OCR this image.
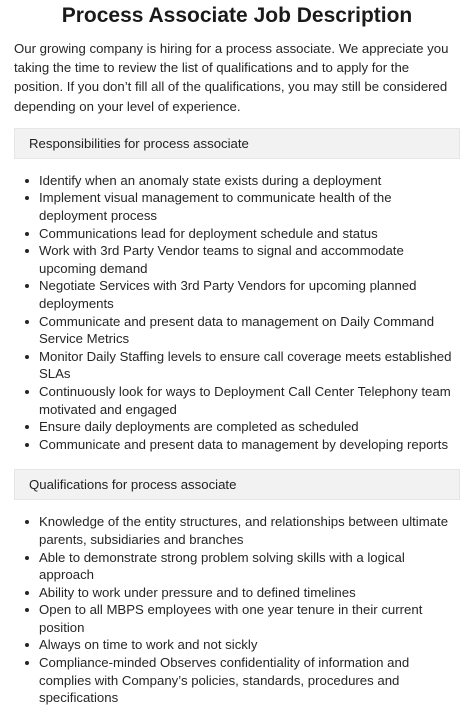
Process Associate Job Description

Our growing company is hiring for a process associate. We appreciate you taking the time to review the list of qualifications and to apply for the position. If you don’t fill all of the qualifications, you may still be considered depending on your level of experience.

Responsibilities for process associate
Identify when an anomaly state exists during a deployment
Implement visual management to communicate health of the deployment process
Communications lead for deployment schedule and status
Work with 3rd Party Vendor teams to signal and accommodate upcoming demand
Negotiate Services with 3rd Party Vendors for upcoming planned deployments
Communicate and present data to management on Daily Command Service Metrics
Monitor Daily Staffing levels to ensure call coverage meets established SLAs
Continuously look for ways to Deployment Call Center Telephony team motivated and engaged
Ensure daily deployments are completed as scheduled
Communicate and present data to management by developing reports
Qualifications for process associate
Knowledge of the entity structures, and relationships between ultimate parents, subsidiaries and branches
Able to demonstrate strong problem solving skills with a logical approach
Ability to work under pressure and to defined timelines
Open to all MBPS employees with one year tenure in their current position
Always on time to work and not sickly
Compliance-minded Observes confidentiality of information and complies with Company’s policies, standards, procedures and specifications
